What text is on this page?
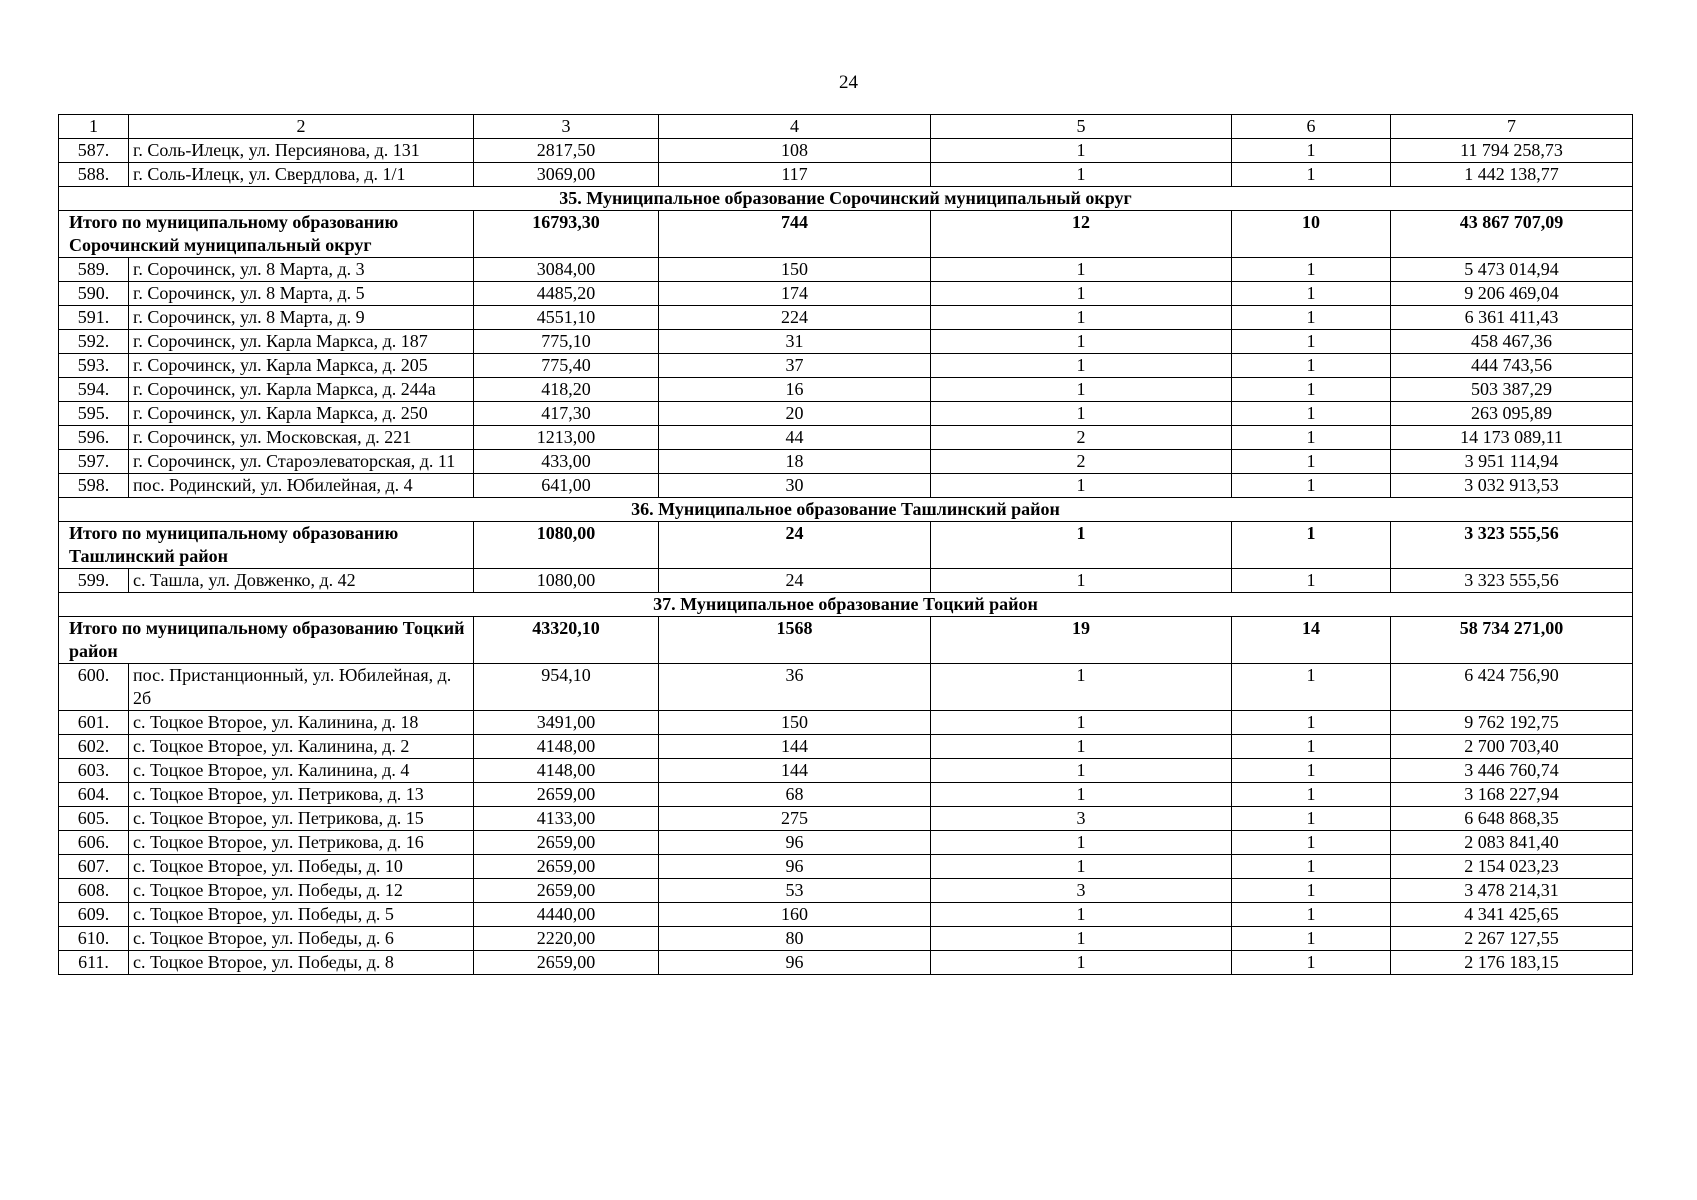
24
1	2	3	4	5	6	7
587.	г. Соль-Илецк, ул. Персиянова, д. 131	2817,50	108	1	1	11 794 258,73
588.	г. Соль-Илецк, ул. Свердлова, д. 1/1	3069,00	117	1	1	1 442 138,77
35. Муниципальное образование Сорочинский муниципальный округ						
Итого по муниципальному образованию Сорочинский муниципальный округ		16793,30	744	12	10	43 867 707,09
589.	г. Сорочинск, ул. 8 Марта, д. 3	3084,00	150	1	1	5 473 014,94
590.	г. Сорочинск, ул. 8 Марта, д. 5	4485,20	174	1	1	9 206 469,04
591.	г. Сорочинск, ул. 8 Марта, д. 9	4551,10	224	1	1	6 361 411,43
592.	г. Сорочинск, ул. Карла Маркса, д. 187	775,10	31	1	1	458 467,36
593.	г. Сорочинск, ул. Карла Маркса, д. 205	775,40	37	1	1	444 743,56
594.	г. Сорочинск, ул. Карла Маркса, д. 244а	418,20	16	1	1	503 387,29
595.	г. Сорочинск, ул. Карла Маркса, д. 250	417,30	20	1	1	263 095,89
596.	г. Сорочинск, ул. Московская, д. 221	1213,00	44	2	1	14 173 089,11
597.	г. Сорочинск, ул. Староэлеваторская, д. 11	433,00	18	2	1	3 951 114,94
598.	пос. Родинский, ул. Юбилейная, д. 4	641,00	30	1	1	3 032 913,53
36. Муниципальное образование Ташлинский район						
Итого по муниципальному образованию Ташлинский район		1080,00	24	1	1	3 323 555,56
599.	с. Ташла, ул. Довженко, д. 42	1080,00	24	1	1	3 323 555,56
37. Муниципальное образование Тоцкий район						
Итого по муниципальному образованию Тоцкий район		43320,10	1568	19	14	58 734 271,00
600.	пос. Пристанционный, ул. Юбилейная, д. 2б	954,10	36	1	1	6 424 756,90
601.	с. Тоцкое Второе, ул. Калинина, д. 18	3491,00	150	1	1	9 762 192,75
602.	с. Тоцкое Второе, ул. Калинина, д. 2	4148,00	144	1	1	2 700 703,40
603.	с. Тоцкое Второе, ул. Калинина, д. 4	4148,00	144	1	1	3 446 760,74
604.	с. Тоцкое Второе, ул. Петрикова, д. 13	2659,00	68	1	1	3 168 227,94
605.	с. Тоцкое Второе, ул. Петрикова, д. 15	4133,00	275	3	1	6 648 868,35
606.	с. Тоцкое Второе, ул. Петрикова, д. 16	2659,00	96	1	1	2 083 841,40
607.	с. Тоцкое Второе, ул. Победы, д. 10	2659,00	96	1	1	2 154 023,23
608.	с. Тоцкое Второе, ул. Победы, д. 12	2659,00	53	3	1	3 478 214,31
609.	с. Тоцкое Второе, ул. Победы, д. 5	4440,00	160	1	1	4 341 425,65
610.	с. Тоцкое Второе, ул. Победы, д. 6	2220,00	80	1	1	2 267 127,55
611.	с. Тоцкое Второе, ул. Победы, д. 8	2659,00	96	1	1	2 176 183,15
